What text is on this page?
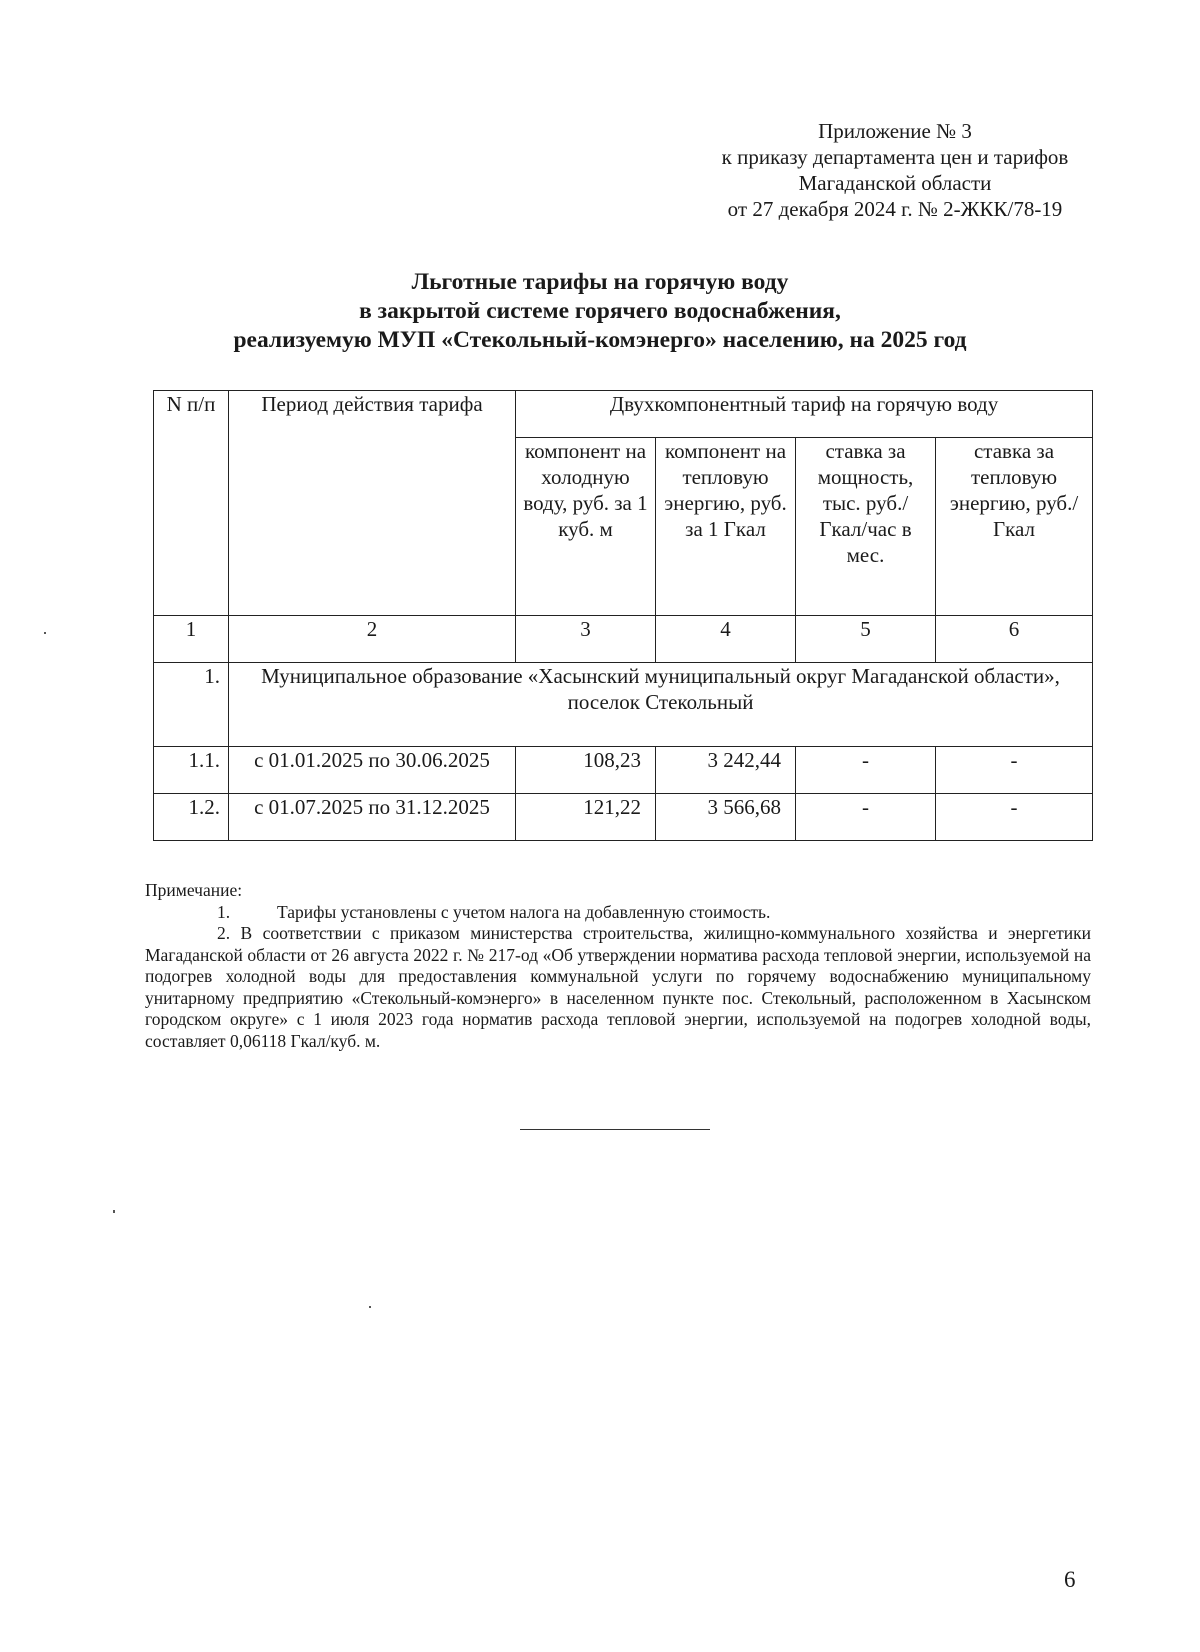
Приложение № 3
к приказу департамента цен и тарифов
Магаданской области
от 27 декабря 2024 г. № 2-ЖКК/78-19
Льготные тарифы на горячую воду
в закрытой системе горячего водоснабжения,
реализуемую МУП «Стекольный-комэнерго» населению, на 2025 год
N п/п	Период действия тарифа	Двухкомпонентный тариф на горячую воду			
		компонент на холодную воду, руб. за 1 куб. м	компонент на тепловую энергию, руб. за 1 Гкал	ставка за мощность, тыс. руб./Гкал/час в мес.	ставка за тепловую энергию, руб./Гкал
1	2	3	4	5	6
1.	Муниципальное образование «Хасынский муниципальный округ Магаданской области», поселок Стекольный				
1.1.	с 01.01.2025 по 30.06.2025	108,23	3 242,44	-	-
1.2.	с 01.07.2025 по 31.12.2025	121,22	3 566,68	-	-

Примечание:

1.	Тарифы установлены с учетом налога на добавленную стоимость.

2. В соответствии с приказом министерства строительства, жилищно-коммунального хозяйства и энергетики Магаданской области от 26 августа 2022 г. № 217-од «Об утверждении норматива расхода тепловой энергии, используемой на подогрев холодной воды для предоставления коммунальной услуги по горячему водоснабжению муниципальному унитарному предприятию «Стекольный-комэнерго» в населенном пункте пос. Стекольный, расположенном в Хасынском городском округе» с 1 июля 2023 года норматив расхода тепловой энергии, используемой на подогрев холодной воды, составляет 0,06118 Гкал/куб. м.

6
